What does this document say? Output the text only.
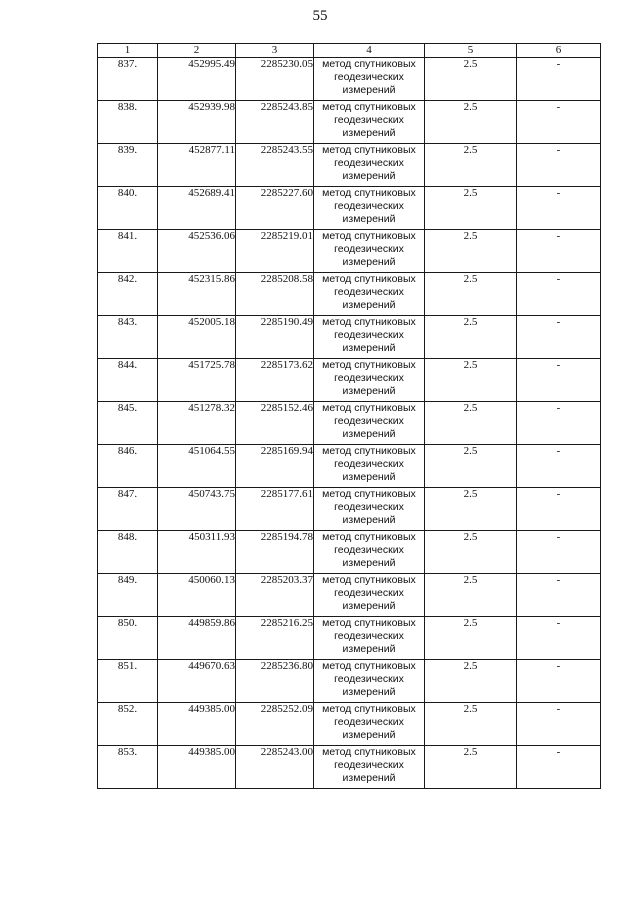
55
1	2	3	4	5	6
837.	452995.49	2285230.05	метод спутниковых геодезических измерений	2.5	-
838.	452939.98	2285243.85	метод спутниковых геодезических измерений	2.5	-
839.	452877.11	2285243.55	метод спутниковых геодезических измерений	2.5	-
840.	452689.41	2285227.60	метод спутниковых геодезических измерений	2.5	-
841.	452536.06	2285219.01	метод спутниковых геодезических измерений	2.5	-
842.	452315.86	2285208.58	метод спутниковых геодезических измерений	2.5	-
843.	452005.18	2285190.49	метод спутниковых геодезических измерений	2.5	-
844.	451725.78	2285173.62	метод спутниковых геодезических измерений	2.5	-
845.	451278.32	2285152.46	метод спутниковых геодезических измерений	2.5	-
846.	451064.55	2285169.94	метод спутниковых геодезических измерений	2.5	-
847.	450743.75	2285177.61	метод спутниковых геодезических измерений	2.5	-
848.	450311.93	2285194.78	метод спутниковых геодезических измерений	2.5	-
849.	450060.13	2285203.37	метод спутниковых геодезических измерений	2.5	-
850.	449859.86	2285216.25	метод спутниковых геодезических измерений	2.5	-
851.	449670.63	2285236.80	метод спутниковых геодезических измерений	2.5	-
852.	449385.00	2285252.09	метод спутниковых геодезических измерений	2.5	-
853.	449385.00	2285243.00	метод спутниковых геодезических измерений	2.5	-
